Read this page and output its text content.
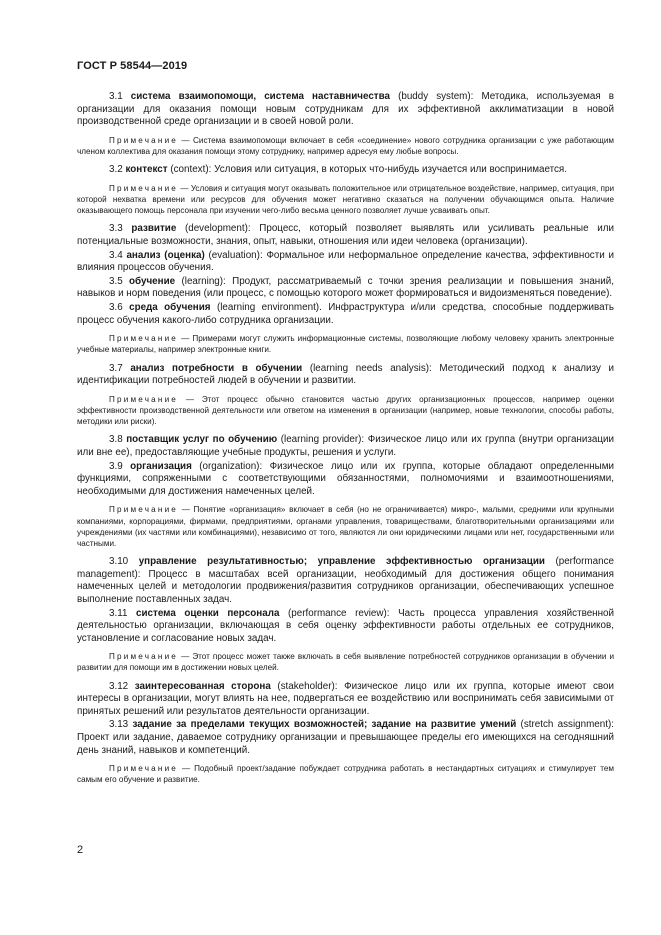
ГОСТ Р 58544—2019

3.1 система взаимопомощи, система наставничества (buddy system): Методика, используемая в организации для оказания помощи новым сотрудникам для их эффективной акклиматизации в новой производственной среде организации и в своей новой роли.

Примечание — Система взаимопомощи включает в себя «соединение» нового сотрудника организации с уже работающим членом коллектива для оказания помощи этому сотруднику, например адресуя ему любые вопросы.

3.2 контекст (context): Условия или ситуация, в которых что-нибудь изучается или воспринимается.

Примечание — Условия и ситуация могут оказывать положительное или отрицательное воздействие, например, ситуация, при которой нехватка времени или ресурсов для обучения может негативно сказаться на получении обучающимся опыта. Наличие оказывающего помощь персонала при изучении чего-либо весьма ценного позволяет лучше усваивать опыт.

3.3 развитие (development): Процесс, который позволяет выявлять или усиливать реальные или потенциальные возможности, знания, опыт, навыки, отношения или идеи человека (организации).

3.4 анализ (оценка) (evaluation): Формальное или неформальное определение качества, эффективности и влияния процессов обучения.

3.5 обучение (learning): Продукт, рассматриваемый с точки зрения реализации и повышения знаний, навыков и норм поведения (или процесс, с помощью которого может формироваться и видоизменяться поведение).

3.6 среда обучения (learning environment). Инфраструктура и/или средства, способные поддерживать процесс обучения какого-либо сотрудника организации.

Примечание — Примерами могут служить информационные системы, позволяющие любому человеку хранить электронные учебные материалы, например электронные книги.

3.7 анализ потребности в обучении (learning needs analysis): Методический подход к анализу и идентификации потребностей людей в обучении и развитии.

Примечание — Этот процесс обычно становится частью других организационных процессов, например оценки эффективности производственной деятельности или ответом на изменения в организации (например, новые технологии, способы работы, методики или риски).

3.8 поставщик услуг по обучению (learning provider): Физическое лицо или их группа (внутри организации или вне ее), предоставляющие учебные продукты, решения и услуги.

3.9 организация (organization): Физическое лицо или их группа, которые обладают определенными функциями, сопряженными с соответствующими обязанностями, полномочиями и взаимоотношениями, необходимыми для достижения намеченных целей.

Примечание — Понятие «организация» включает в себя (но не ограничивается) микро-, малыми, средними или крупными компаниями, корпорациями, фирмами, предприятиями, органами управления, товариществами, благотворительными организациями или учреждениями (их частями или комбинациями), независимо от того, являются ли они юридическими лицами или нет, государственными или частными.

3.10 управление результативностью; управление эффективностью организации (performance management): Процесс в масштабах всей организации, необходимый для достижения общего понимания намеченных целей и методологии продвижения/развития сотрудников организации, обеспечивающих успешное выполнение поставленных задач.

3.11 система оценки персонала (performance review): Часть процесса управления хозяйственной деятельностью организации, включающая в себя оценку эффективности работы отдельных ее сотрудников, установление и согласование новых задач.

Примечание — Этот процесс может также включать в себя выявление потребностей сотрудников организации в обучении и развитии для помощи им в достижении новых целей.

3.12 заинтересованная сторона (stakeholder): Физическое лицо или их группа, которые имеют свои интересы в организации, могут влиять на нее, подвергаться ее воздействию или воспринимать себя зависимыми от принятых решений или результатов деятельности организации.

3.13 задание за пределами текущих возможностей; задание на развитие умений (stretch assignment): Проект или задание, даваемое сотруднику организации и превышающее пределы его имеющихся на сегодняшний день знаний, навыков и компетенций.

Примечание — Подобный проект/задание побуждает сотрудника работать в нестандартных ситуациях и стимулирует тем самым его обучение и развитие.

2
